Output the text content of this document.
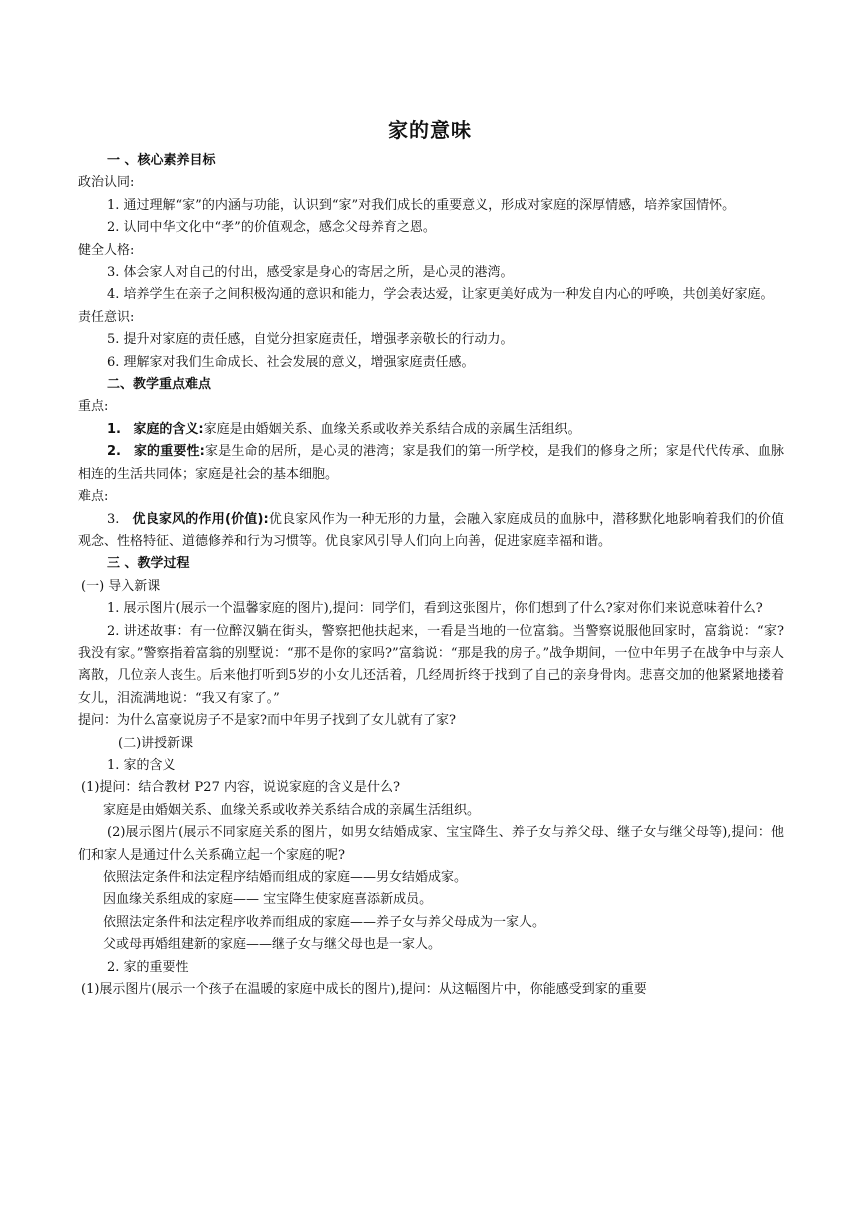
家的意味

一 、核心素养目标

政治认同:

1. 通过理解“家”的内涵与功能，认识到“家”对我们成长的重要意义，形成对家庭的深厚情感，培养家国情怀。

2. 认同中华文化中“孝”的价值观念，感念父母养育之恩。

健全人格:

3. 体会家人对自己的付出，感受家是身心的寄居之所，是心灵的港湾。

4. 培养学生在亲子之间积极沟通的意识和能力，学会表达爱，让家更美好成为一种发自内心的呼唤，共创美好家庭。

责任意识:

5. 提升对家庭的责任感，自觉分担家庭责任，增强孝亲敬长的行动力。

6. 理解家对我们生命成长、社会发展的意义，增强家庭责任感。

二、教学重点难点

重点:

1. 家庭的含义:家庭是由婚姻关系、血缘关系或收养关系结合成的亲属生活组织。

2. 家的重要性:家是生命的居所，是心灵的港湾；家是我们的第一所学校，是我们的修身之所；家是代代传承、血脉相连的生活共同体；家庭是社会的基本细胞。

难点:

3. 优良家风的作用(价值):优良家风作为一种无形的力量，会融入家庭成员的血脉中，潜移默化地影响着我们的价值观念、性格特征、道德修养和行为习惯等。优良家风引导人们向上向善，促进家庭幸福和谐。

三 、教学过程

(一) 导入新课

1. 展示图片(展示一个温馨家庭的图片),提问：同学们，看到这张图片，你们想到了什么?家对你们来说意味着什么?

2. 讲述故事：有一位醉汉躺在街头，警察把他扶起来，一看是当地的一位富翁。当警察说服他回家时，富翁说：“家?我没有家。”警察指着富翁的别墅说：“那不是你的家吗?”富翁说：“那是我的房子。”战争期间，一位中年男子在战争中与亲人离散，几位亲人丧生。后来他打听到5岁的小女儿还活着，几经周折终于找到了自己的亲身骨肉。悲喜交加的他紧紧地搂着女儿，泪流满地说：“我又有家了。”

提问：为什么富豪说房子不是家?而中年男子找到了女儿就有了家?

(二)讲授新课

1. 家的含义

(1)提问：结合教材 P27 内容，说说家庭的含义是什么?

家庭是由婚姻关系、血缘关系或收养关系结合成的亲属生活组织。

(2)展示图片(展示不同家庭关系的图片，如男女结婚成家、宝宝降生、养子女与养父母、继子女与继父母等),提问：他们和家人是通过什么关系确立起一个家庭的呢?

依照法定条件和法定程序结婚而组成的家庭——男女结婚成家。

因血缘关系组成的家庭—— 宝宝降生使家庭喜添新成员。

依照法定条件和法定程序收养而组成的家庭——养子女与养父母成为一家人。

父或母再婚组建新的家庭——继子女与继父母也是一家人。

2. 家的重要性

(1)展示图片(展示一个孩子在温暖的家庭中成长的图片),提问：从这幅图片中，你能感受到家的重要
